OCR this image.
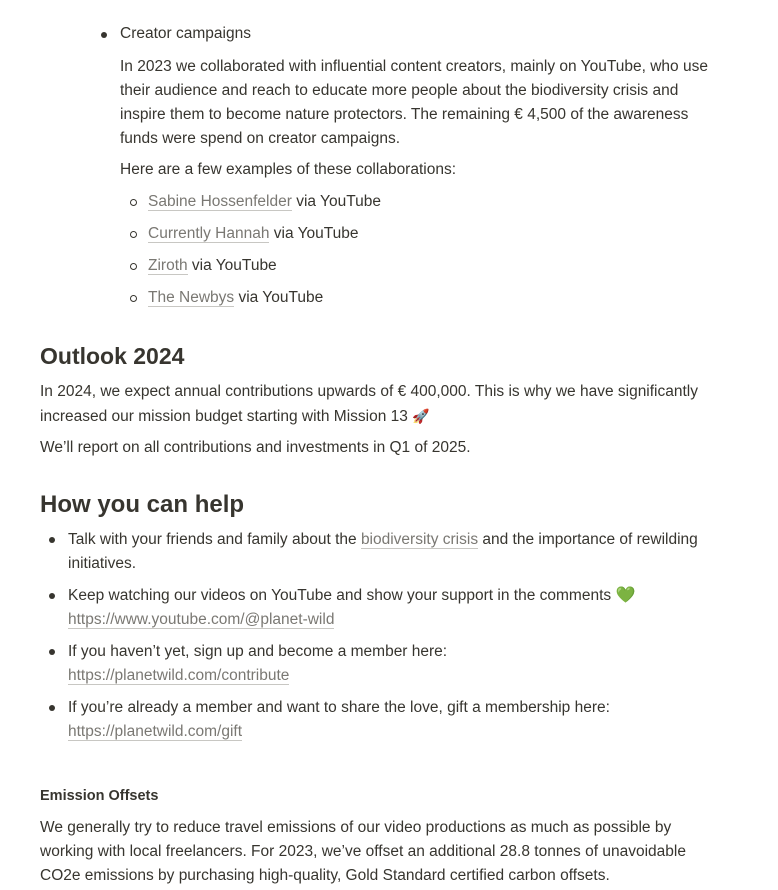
Creator campaigns
In 2023 we collaborated with influential content creators, mainly on YouTube, who use
their audience and reach to educate more people about the biodiversity crisis and
inspire them to become nature protectors. The remaining € 4,500 of the awareness
funds were spend on creator campaigns.
Here are a few examples of these collaborations:
Sabine Hossenfelder via YouTube
Currently Hannah via YouTube
Ziroth via YouTube
The Newbys via YouTube
Outlook 2024
In 2024, we expect annual contributions upwards of € 400,000. This is why we have significantly
increased our mission budget starting with Mission 13 🚀
We’ll report on all contributions and investments in Q1 of 2025.
How you can help
Talk with your friends and family about the biodiversity crisis and the importance of rewilding
initiatives.
Keep watching our videos on YouTube and show your support in the comments 💚
https://www.youtube.com/@planet-wild
If you haven’t yet, sign up and become a member here:
https://planetwild.com/contribute
If you’re already a member and want to share the love, gift a membership here:
https://planetwild.com/gift
Emission Offsets
We generally try to reduce travel emissions of our video productions as much as possible by
working with local freelancers. For 2023, we’ve offset an additional 28.8 tonnes of unavoidable
CO2e emissions by purchasing high-quality, Gold Standard certified carbon offsets.
